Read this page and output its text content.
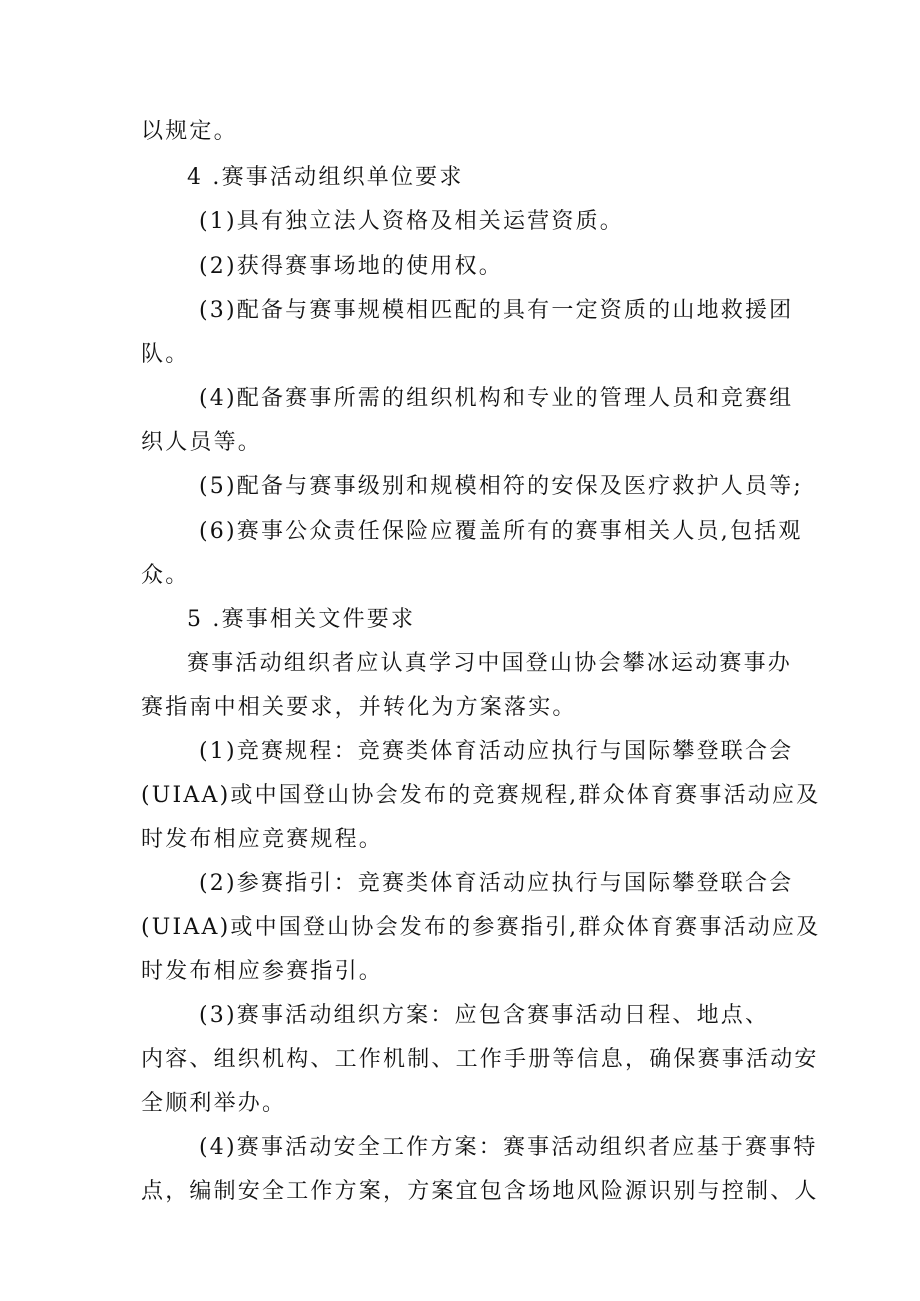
以规定。
4 .赛事活动组织单位要求
(1)具有独立法人资格及相关运营资质。
(2)获得赛事场地的使用权。
(3)配备与赛事规模相匹配的具有一定资质的山地救援团
队。
(4)配备赛事所需的组织机构和专业的管理人员和竞赛组
织人员等。
(5)配备与赛事级别和规模相符的安保及医疗救护人员等;
(6)赛事公众责任保险应覆盖所有的赛事相关人员,包括观
众。
5 .赛事相关文件要求
赛事活动组织者应认真学习中国登山协会攀冰运动赛事办
赛指南中相关要求，并转化为方案落实。
(1)竞赛规程：竞赛类体育活动应执行与国际攀登联合会
(UIAA)或中国登山协会发布的竞赛规程,群众体育赛事活动应及
时发布相应竞赛规程。
(2)参赛指引：竞赛类体育活动应执行与国际攀登联合会
(UIAA)或中国登山协会发布的参赛指引,群众体育赛事活动应及
时发布相应参赛指引。
(3)赛事活动组织方案：应包含赛事活动日程、地点、
内容、组织机构、工作机制、工作手册等信息，确保赛事活动安
全顺利举办。
(4)赛事活动安全工作方案：赛事活动组织者应基于赛事特
点，编制安全工作方案，方案宜包含场地风险源识别与控制、人
